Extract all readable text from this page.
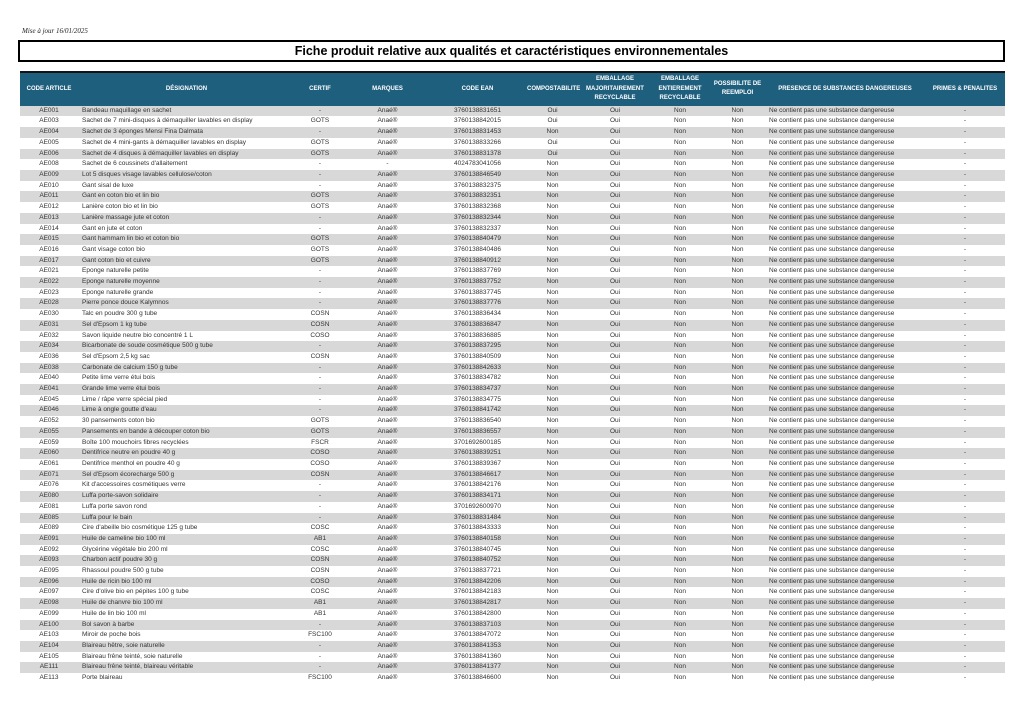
Mise à jour 16/01/2025
Fiche produit relative aux qualités et caractéristiques environnementales
CODE ARTICLE	DÉSIGNATION	CERTIF	MARQUES	CODE EAN	COMPOSTABILITE	EMBALLAGE MAJORITAIREMENT RECYCLABLE	EMBALLAGE ENTIEREMENT RECYCLABLE	POSSIBILITE DE REEMPLOI	PRESENCE DE SUBSTANCES DANGEREUSES	PRIMES & PENALITES
AE001	Bandeau maquillage en sachet	-	Anaé®	3760138831651	Oui	Oui	Non	Non	Ne contient pas une substance dangereuse	-
AE003	Sachet de 7 mini-disques à démaquiller lavables en display	GOTS	Anaé®	3760138842015	Oui	Oui	Non	Non	Ne contient pas une substance dangereuse	-
AE004	Sachet de 3 éponges Mensi Fina Dalmata	-	Anaé®	3760138831453	Non	Oui	Non	Non	Ne contient pas une substance dangereuse	-
AE005	Sachet de 4 mini-gants à démaquiller lavables en display	GOTS	Anaé®	3760138833266	Oui	Oui	Non	Non	Ne contient pas une substance dangereuse	-
AE006	Sachet de 4 disques à démaquiller lavables en display	GOTS	Anaé®	3760138831378	Oui	Oui	Non	Non	Ne contient pas une substance dangereuse	-
AE008	Sachet de 6 coussinets d'allaitement	-	-	4024783041056	Non	Oui	Non	Non	Ne contient pas une substance dangereuse	-
AE009	Lot 5 disques visage lavables cellulose/coton	-	Anaé®	3760138846549	Non	Oui	Non	Non	Ne contient pas une substance dangereuse	-
AE010	Gant sisal de luxe	-	Anaé®	3760138832375	Non	Oui	Non	Non	Ne contient pas une substance dangereuse	-
AE011	Gant en coton bio et lin bio	GOTS	Anaé®	3760138832351	Non	Oui	Non	Non	Ne contient pas une substance dangereuse	-
AE012	Lanière coton bio et lin bio	GOTS	Anaé®	3760138832368	Non	Oui	Non	Non	Ne contient pas une substance dangereuse	-
AE013	Lanière massage jute et coton	-	Anaé®	3760138832344	Non	Oui	Non	Non	Ne contient pas une substance dangereuse	-
AE014	Gant en jute et coton	-	Anaé®	3760138832337	Non	Oui	Non	Non	Ne contient pas une substance dangereuse	-
AE015	Gant hammam lin bio et coton bio	GOTS	Anaé®	3760138840479	Non	Oui	Non	Non	Ne contient pas une substance dangereuse	-
AE016	Gant visage coton bio	GOTS	Anaé®	3760138840486	Non	Oui	Non	Non	Ne contient pas une substance dangereuse	-
AE017	Gant coton bio et cuivre	GOTS	Anaé®	3760138840912	Non	Oui	Non	Non	Ne contient pas une substance dangereuse	-
AE021	Eponge naturelle petite	-	Anaé®	3760138837769	Non	Oui	Non	Non	Ne contient pas une substance dangereuse	-
AE022	Eponge naturelle moyenne	-	Anaé®	3760138837752	Non	Oui	Non	Non	Ne contient pas une substance dangereuse	-
AE023	Eponge naturelle grande	-	Anaé®	3760138837745	Non	Oui	Non	Non	Ne contient pas une substance dangereuse	-
AE028	Pierre ponce douce Kalymnos	-	Anaé®	3760138837776	Non	Oui	Non	Non	Ne contient pas une substance dangereuse	-
AE030	Talc en poudre 300 g tube	COSN	Anaé®	3760138836434	Non	Oui	Non	Non	Ne contient pas une substance dangereuse	-
AE031	Sel d'Epsom 1 kg tube	COSN	Anaé®	3760138836847	Non	Oui	Non	Non	Ne contient pas une substance dangereuse	-
AE032	Savon liquide neutre bio concentré 1 L	COSO	Anaé®	3760138836885	Non	Oui	Non	Non	Ne contient pas une substance dangereuse	-
AE034	Bicarbonate de soude cosmétique 500 g tube	-	Anaé®	3760138837295	Non	Oui	Non	Non	Ne contient pas une substance dangereuse	-
AE036	Sel d'Epsom 2,5 kg sac	COSN	Anaé®	3760138840509	Non	Oui	Non	Non	Ne contient pas une substance dangereuse	-
AE038	Carbonate de calcium 150 g tube	-	Anaé®	3760138842633	Non	Oui	Non	Non	Ne contient pas une substance dangereuse	-
AE040	Petite lime verre étui bois	-	Anaé®	3760138834782	Non	Oui	Non	Non	Ne contient pas une substance dangereuse	-
AE041	Grande lime verre étui bois	-	Anaé®	3760138834737	Non	Oui	Non	Non	Ne contient pas une substance dangereuse	-
AE045	Lime / râpe verre spécial pied	-	Anaé®	3760138834775	Non	Oui	Non	Non	Ne contient pas une substance dangereuse	-
AE046	Lime à ongle goutte d'eau	-	Anaé®	3760138841742	Non	Oui	Non	Non	Ne contient pas une substance dangereuse	-
AE052	30 pansements coton bio	GOTS	Anaé®	3760138836540	Non	Oui	Non	Non	Ne contient pas une substance dangereuse	-
AE055	Pansements en bande à découper coton bio	GOTS	Anaé®	3760138836557	Non	Oui	Non	Non	Ne contient pas une substance dangereuse	-
AE059	Boîte 100 mouchoirs fibres recyclées	FSCR	Anaé®	3701692600185	Non	Oui	Non	Non	Ne contient pas une substance dangereuse	-
AE060	Dentifrice neutre en poudre 40 g	COSO	Anaé®	3760138839251	Non	Oui	Non	Non	Ne contient pas une substance dangereuse	-
AE061	Dentifrice menthol en poudre 40 g	COSO	Anaé®	3760138839367	Non	Oui	Non	Non	Ne contient pas une substance dangereuse	-
AE071	Sel d'Epsom écorecharge 500 g	COSN	Anaé®	3760138846617	Non	Oui	Non	Non	Ne contient pas une substance dangereuse	-
AE076	Kit d'accessoires cosmétiques verre	-	Anaé®	3760138842176	Non	Oui	Non	Non	Ne contient pas une substance dangereuse	-
AE080	Luffa porte-savon solidaire	-	Anaé®	3760138834171	Non	Oui	Non	Non	Ne contient pas une substance dangereuse	-
AE081	Luffa porte savon rond	-	Anaé®	3701692600970	Non	Oui	Non	Non	Ne contient pas une substance dangereuse	-
AE085	Luffa pour le bain	-	Anaé®	3760138831484	Non	Oui	Non	Non	Ne contient pas une substance dangereuse	-
AE089	Cire d'abeille bio cosmétique 125 g tube	COSC	Anaé®	3760138843333	Non	Oui	Non	Non	Ne contient pas une substance dangereuse	-
AE091	Huile de cameline bio 100 ml	AB1	Anaé®	3760138840158	Non	Oui	Non	Non	Ne contient pas une substance dangereuse	-
AE092	Glycérine végétale bio 200 ml	COSC	Anaé®	3760138840745	Non	Oui	Non	Non	Ne contient pas une substance dangereuse	-
AE093	Charbon actif poudre 30 g	COSN	Anaé®	3760138840752	Non	Oui	Non	Non	Ne contient pas une substance dangereuse	-
AE095	Rhassoul poudre 500 g tube	COSN	Anaé®	3760138837721	Non	Oui	Non	Non	Ne contient pas une substance dangereuse	-
AE096	Huile de ricin bio 100 ml	COSO	Anaé®	3760138842206	Non	Oui	Non	Non	Ne contient pas une substance dangereuse	-
AE097	Cire d'olive bio en pépites 100 g tube	COSC	Anaé®	3760138842183	Non	Oui	Non	Non	Ne contient pas une substance dangereuse	-
AE098	Huile de chanvre bio 100 ml	AB1	Anaé®	3760138842817	Non	Oui	Non	Non	Ne contient pas une substance dangereuse	-
AE099	Huile de lin bio 100 ml	AB1	Anaé®	3760138842800	Non	Oui	Non	Non	Ne contient pas une substance dangereuse	-
AE100	Bol savon à barbe	-	Anaé®	3760138837103	Non	Oui	Non	Non	Ne contient pas une substance dangereuse	-
AE103	Miroir de poche bois	FSC100	Anaé®	3760138847072	Non	Oui	Non	Non	Ne contient pas une substance dangereuse	-
AE104	Blaireau hêtre, soie naturelle	-	Anaé®	3760138841353	Non	Oui	Non	Non	Ne contient pas une substance dangereuse	-
AE105	Blaireau frêne teinté, soie naturelle	-	Anaé®	3760138841360	Non	Oui	Non	Non	Ne contient pas une substance dangereuse	-
AE111	Blaireau frêne teinté, blaireau véritable	-	Anaé®	3760138841377	Non	Oui	Non	Non	Ne contient pas une substance dangereuse	-
AE113	Porte blaireau	FSC100	Anaé®	3760138846600	Non	Oui	Non	Non	Ne contient pas une substance dangereuse	-
